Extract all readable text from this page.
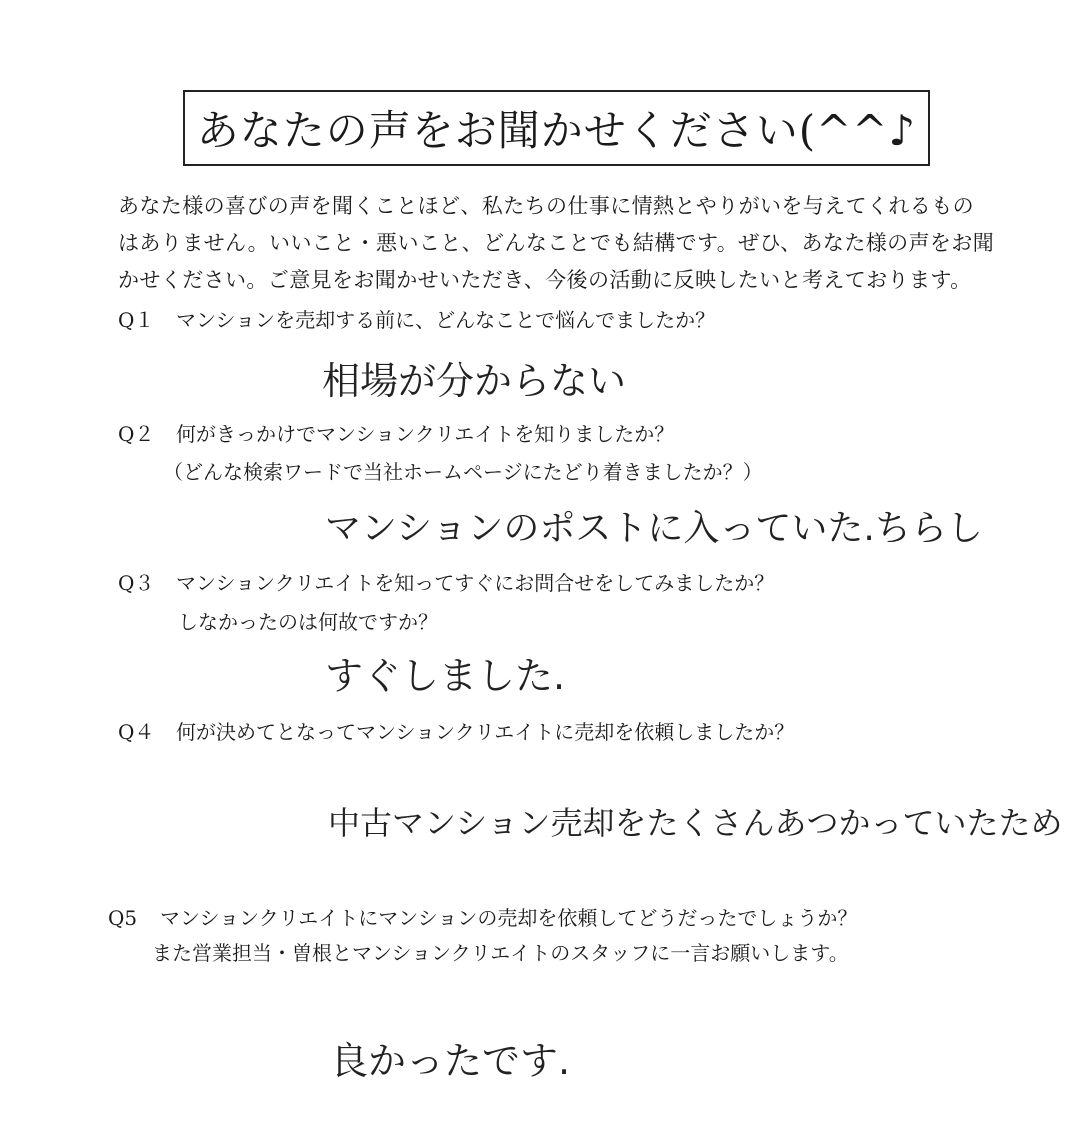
あなたの声をお聞かせください(^^♪
あなた様の喜びの声を聞くことほど、私たちの仕事に情熱とやりがいを与えてくれるもの
はありません。いいこと・悪いこと、どんなことでも結構です。ぜひ、あなた様の声をお聞
かせください。ご意見をお聞かせいただき、今後の活動に反映したいと考えております。
Q１ マンションを売却する前に、どんなことで悩んでましたか？
相場が分からない
Q２ 何がきっかけでマンションクリエイトを知りましたか？
（どんな検索ワードで当社ホームページにたどり着きましたか？）
マンションのポストに入っていた.ちらし
Q３ マンションクリエイトを知ってすぐにお問合せをしてみましたか？
しなかったのは何故ですか？
すぐしました.
Q４ 何が決めてとなってマンションクリエイトに売却を依頼しましたか？
中古マンション売却をたくさんあつかっていたため
Q5 マンションクリエイトにマンションの売却を依頼してどうだったでしょうか？
また営業担当・曽根とマンションクリエイトのスタッフに一言お願いします。
良かったです.
